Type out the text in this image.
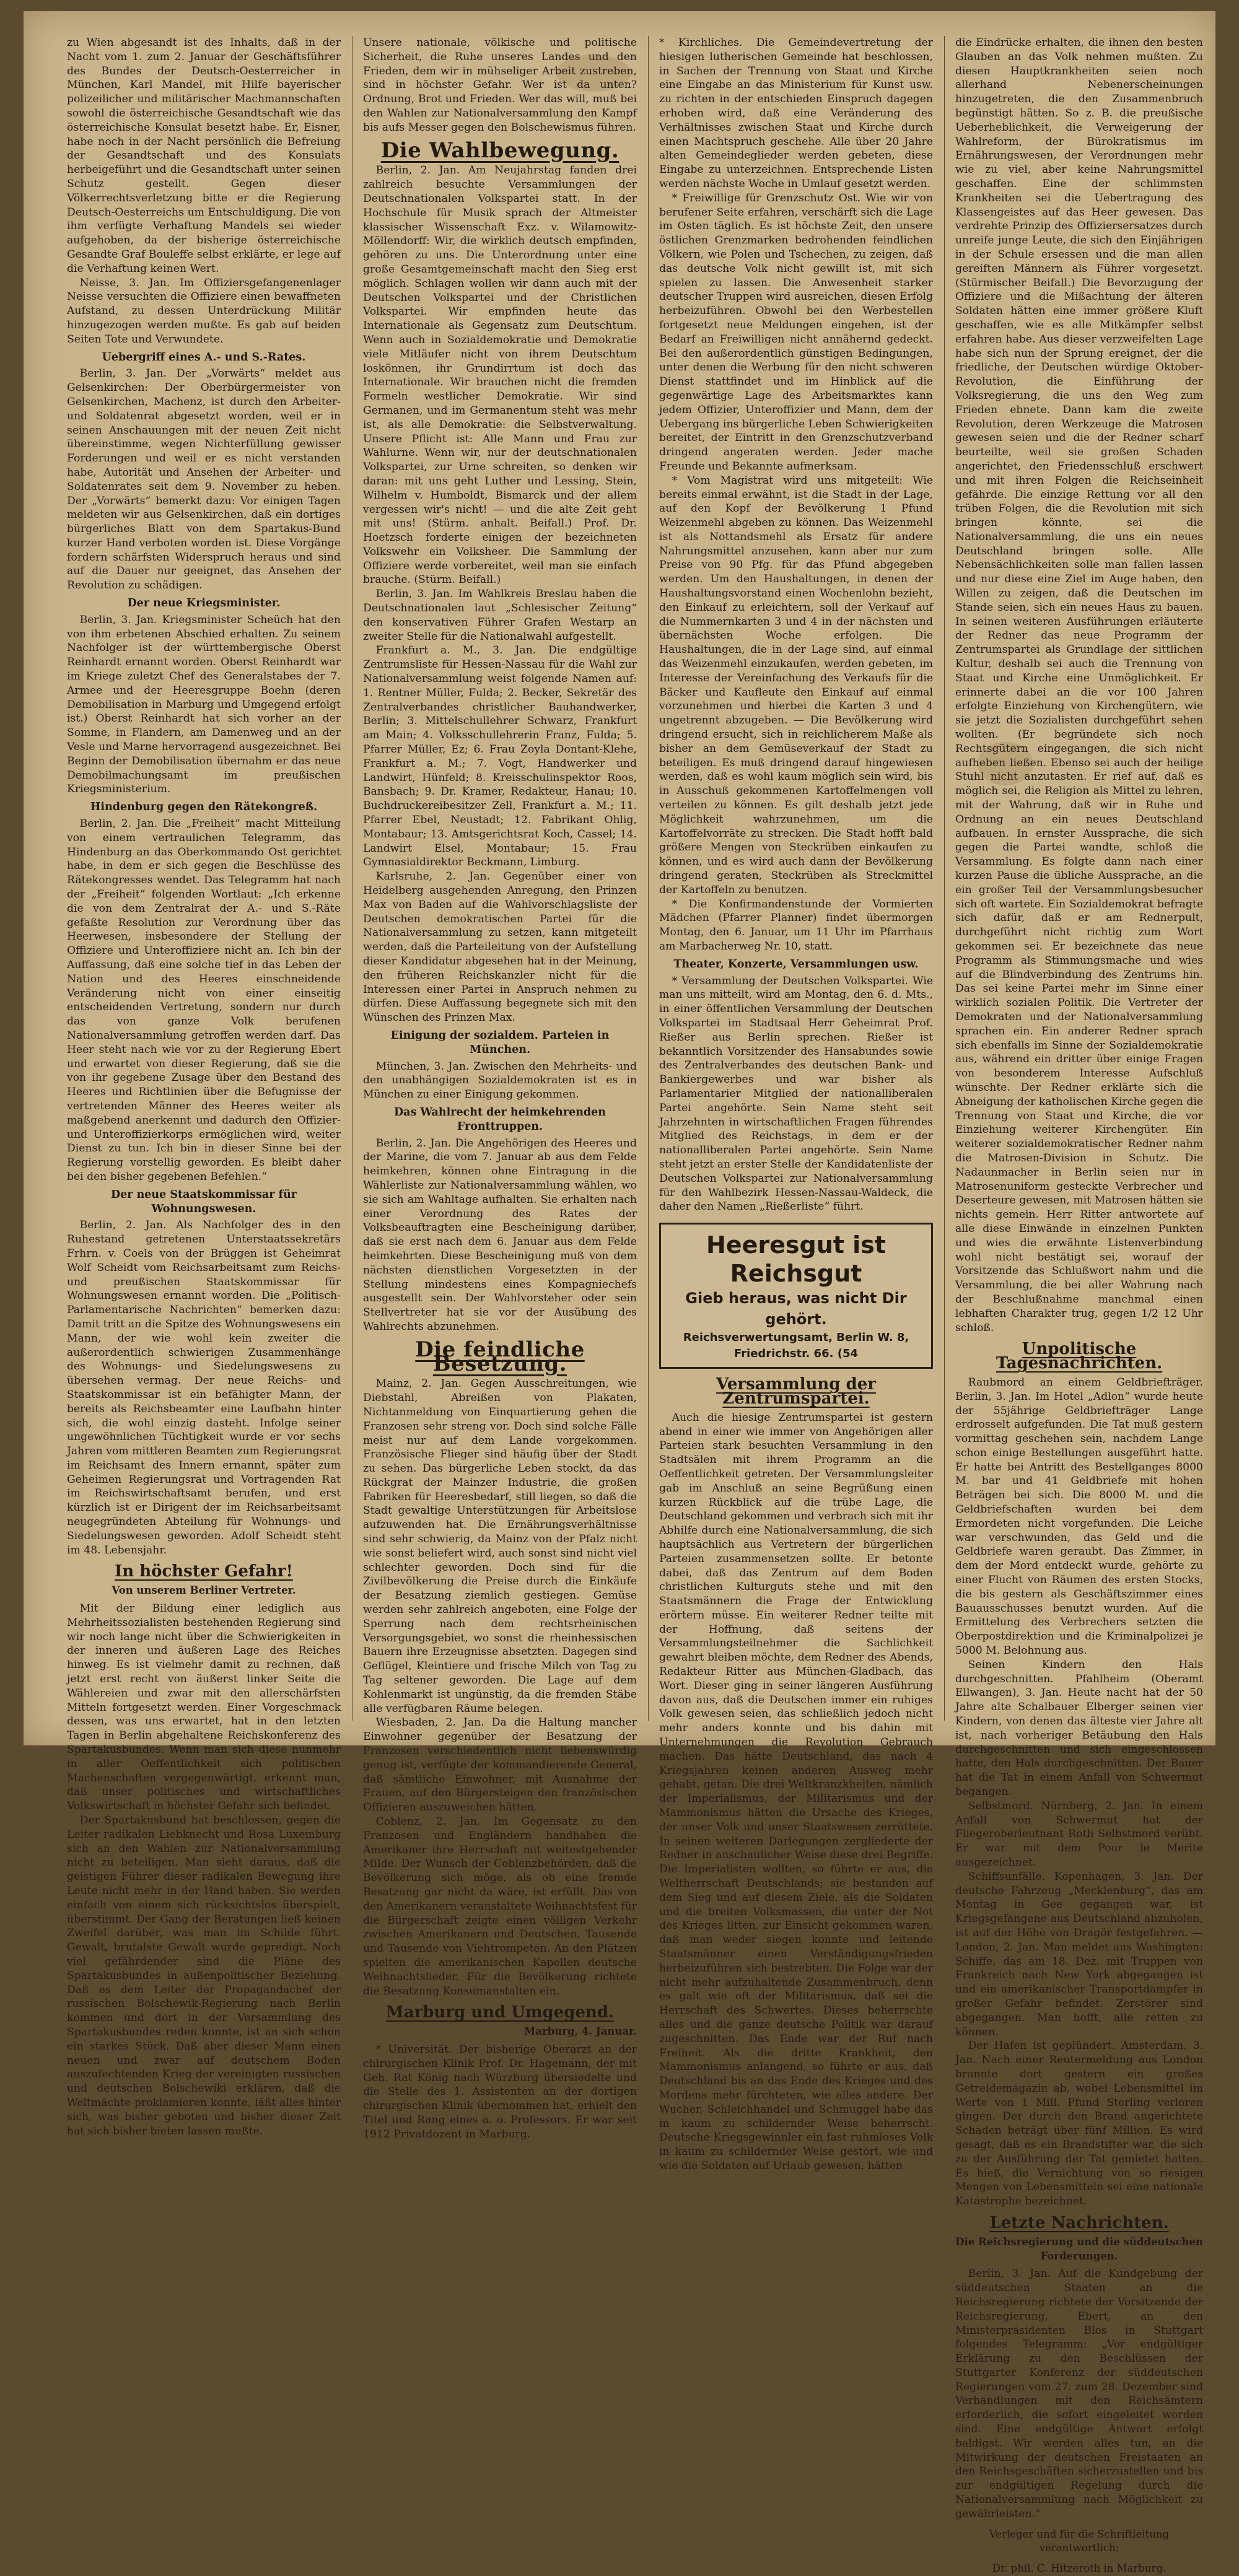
zu Wien abgesandt ist des Inhalts, daß in der Nacht vom 1. zum 2. Januar der Geschäftsführer des Bundes der Deutsch-Oesterreicher in München, Karl Mandel, mit Hilfe bayerischer polizeilicher und militärischer Machmannschaften sowohl die österreichische Gesandtschaft wie das österreichische Konsulat besetzt habe. Er, Eisner, habe noch in der Nacht persönlich die Befreiung der Gesandtschaft und des Konsulats herbeigeführt und die Gesandtschaft unter seinen Schutz gestellt. Gegen dieser Völkerrechtsverletzung bitte er die Regierung Deutsch-Oesterreichs um Entschuldigung. Die von ihm verfügte Verhaftung Mandels sei wieder aufgehoben, da der bisherige österreichische Gesandte Graf Bouleffe selbst erklärte, er lege auf die Verhaftung keinen Wert.

Neisse, 3. Jan. Im Offiziersgefangenenlager Neisse versuchten die Offiziere einen bewaffneten Aufstand, zu dessen Unterdrückung Militär hinzugezogen werden mußte. Es gab auf beiden Seiten Tote und Verwundete.

Uebergriff eines A.- und S.-Rates.

Berlin, 3. Jan. Der „Vorwärts“ meldet aus Gelsenkirchen: Der Oberbürgermeister von Gelsenkirchen, Machenz, ist durch den Arbeiter- und Soldatenrat abgesetzt worden, weil er in seinen Anschauungen mit der neuen Zeit nicht übereinstimme, wegen Nichterfüllung gewisser Forderungen und weil er es nicht verstanden habe, Autorität und Ansehen der Arbeiter- und Soldatenrates seit dem 9. November zu heben. Der „Vorwärts“ bemerkt dazu: Vor einigen Tagen meldeten wir aus Gelsenkirchen, daß ein dortiges bürgerliches Blatt von dem Spartakus-Bund kurzer Hand verboten worden ist. Diese Vorgänge fordern schärfsten Widerspruch heraus und sind auf die Dauer nur geeignet, das Ansehen der Revolution zu schädigen.

Der neue Kriegsminister.

Berlin, 3. Jan. Kriegsminister Scheüch hat den von ihm erbetenen Abschied erhalten. Zu seinem Nachfolger ist der württembergische Oberst Reinhardt ernannt worden. Oberst Reinhardt war im Kriege zuletzt Chef des Generalstabes der 7. Armee und der Heeresgruppe Boehn (deren Demobilisation in Marburg und Umgegend erfolgt ist.) Oberst Reinhardt hat sich vorher an der Somme, in Flandern, am Damenweg und an der Vesle und Marne hervorragend ausgezeichnet. Bei Beginn der Demobilisation übernahm er das neue Demobilmachungsamt im preußischen Kriegsministerium.

Hindenburg gegen den Rätekongreß.

Berlin, 2. Jan. Die „Freiheit“ macht Mitteilung von einem vertraulichen Telegramm, das Hindenburg an das Oberkommando Ost gerichtet habe, in dem er sich gegen die Beschlüsse des Rätekongresses wendet. Das Telegramm hat nach der „Freiheit“ folgenden Wortlaut: „Ich erkenne die von dem Zentralrat der A.- und S.-Räte gefaßte Resolution zur Verordnung über das Heerwesen, insbesondere der Stellung der Offiziere und Unteroffiziere nicht an. Ich bin der Auffassung, daß eine solche tief in das Leben der Nation und des Heeres einschneidende Veränderung nicht von einer einseitig entscheidenden Vertretung, sondern nur durch das von ganze Volk berufenen Nationalversammlung getroffen werden darf. Das Heer steht nach wie vor zu der Regierung Ebert und erwartet von dieser Regierung, daß sie die von ihr gegebene Zusage über den Bestand des Heeres und Richtlinien über die Befugnisse der vertretenden Männer des Heeres weiter als maßgebend anerkennt und dadurch den Offizier- und Unteroffizierkorps ermöglichen wird, weiter Dienst zu tun. Ich bin in dieser Sinne bei der Regierung vorstellig geworden. Es bleibt daher bei den bisher gegebenen Befehlen.“

Der neue Staatskommissar für Wohnungswesen.

Berlin, 2. Jan. Als Nachfolger des in den Ruhestand getretenen Unterstaatssekretärs Frhrn. v. Coels von der Brüggen ist Geheimrat Wolf Scheidt vom Reichsarbeitsamt zum Reichs- und preußischen Staatskommissar für Wohnungswesen ernannt worden. Die „Politisch-Parlamentarische Nachrichten“ bemerken dazu: Damit tritt an die Spitze des Wohnungswesens ein Mann, der wie wohl kein zweiter die außerordentlich schwierigen Zusammenhänge des Wohnungs- und Siedelungswesens zu übersehen vermag. Der neue Reichs- und Staatskommissar ist ein befähigter Mann, der bereits als Reichsbeamter eine Laufbahn hinter sich, die wohl einzig dasteht. Infolge seiner ungewöhnlichen Tüchtigkeit wurde er vor sechs Jahren vom mittleren Beamten zum Regierungsrat im Reichsamt des Innern ernannt, später zum Geheimen Regierungsrat und Vortragenden Rat im Reichswirtschaftsamt berufen, und erst kürzlich ist er Dirigent der im Reichsarbeitsamt neugegründeten Abteilung für Wohnungs- und Siedelungswesen geworden. Adolf Scheidt steht im 48. Lebensjahr.

In höchster Gefahr!
Von unserem Berliner Vertreter.

Mit der Bildung einer lediglich aus Mehrheitssozialisten bestehenden Regierung sind wir noch lange nicht über die Schwierigkeiten in der inneren und äußeren Lage des Reiches hinweg. Es ist vielmehr damit zu rechnen, daß jetzt erst recht von äußerst linker Seite die Wählereien und zwar mit den allerschärfsten Mitteln fortgesetzt werden. Einer Vorgeschmack dessen, was uns erwartet, hat in den letzten Tagen in Berlin abgehaltene Reichskonferenz des Spartakusbundes. Wenn man sich diese nunmehr in aller Oeffentlichkeit sich politischen Machenschaften vergegenwärtigt, erkennt man, daß unser politisches und wirtschaftliches Volkswirtschaft in höchster Gefahr sich befindet.

Der Spartakusbund hat beschlossen, gegen die Leiter radikalen Liebknecht und Rosa Luxemburg sich an den Wahlen zur Nationalversammlung nicht zu beteiligen. Man sieht daraus, daß die geistigen Führer dieser radikalen Bewegung ihre Leute nicht mehr in der Hand haben. Sie werden einfach von einem sich rücksichtslos überspielt, überstimmt. Der Gang der Beratungen ließ keinen Zweifel darüber, was man im Schilde führt. Gewalt, brutalste Gewalt wurde gepredigt. Noch viel gefährdender sind die Pläne des Spartakusbundes in außenpolitischer Beziehung. Daß es dem Leiter der Propagandachef der russischen Bolschewik-Regierung nach Berlin kommen und dort in der Versammlung des Spartakusbundes reden konnte, ist an sich schon ein starkes Stück. Daß aber dieser Mann einen neuen und zwar auf deutschem Boden auszufechtenden Krieg der vereinigten russischen und deutschen Bolschewiki erklären, daß die Weltmächte proklamieren konnte, läßt alles hinter sich, was bisher geboten und bisher dieser Zeit hat sich bisher bieten lassen mußte.

Unsere nationale, völkische und politische Sicherheit, die Ruhe unseres Landes und den Frieden, dem wir in mühseliger Arbeit zustreben, sind in höchster Gefahr. Wer ist da unten? Ordnung, Brot und Frieden. Wer das will, muß bei den Wahlen zur Nationalversammlung den Kampf bis aufs Messer gegen den Bolschewismus führen.

Die Wahlbewegung.

Berlin, 2. Jan. Am Neujahrstag fanden drei zahlreich besuchte Versammlungen der Deutschnationalen Volkspartei statt. In der Hochschule für Musik sprach der Altmeister klassischer Wissenschaft Exz. v. Wilamowitz-Möllendorff: Wir, die wirklich deutsch empfinden, gehören zu uns. Die Unterordnung unter eine große Gesamtgemeinschaft macht den Sieg erst möglich. Schlagen wollen wir dann auch mit der Deutschen Volkspartei und der Christlichen Volkspartei. Wir empfinden heute das Internationale als Gegensatz zum Deutschtum. Wenn auch in Sozialdemokratie und Demokratie viele Mitläufer nicht von ihrem Deutschtum loskönnen, ihr Grundirrtum ist doch das Internationale. Wir brauchen nicht die fremden Formeln westlicher Demokratie. Wir sind Germanen, und im Germanentum steht was mehr ist, als alle Demokratie: die Selbstverwaltung. Unsere Pflicht ist: Alle Mann und Frau zur Wahlurne. Wenn wir, nur der deutschnationalen Volkspartei, zur Urne schreiten, so denken wir daran: mit uns geht Luther und Lessing, Stein, Wilhelm v. Humboldt, Bismarck und der allem vergessen wir's nicht! — und die alte Zeit geht mit uns! (Stürm. anhalt. Beifall.) Prof. Dr. Hoetzsch forderte einigen der bezeichneten Volkswehr ein Volksheer. Die Sammlung der Offiziere werde vorbereitet, weil man sie einfach brauche. (Stürm. Beifall.)

Berlin, 3. Jan. Im Wahlkreis Breslau haben die Deutschnationalen laut „Schlesischer Zeitung“ den konservativen Führer Grafen Westarp an zweiter Stelle für die Nationalwahl aufgestellt.

Frankfurt a. M., 3. Jan. Die endgültige Zentrumsliste für Hessen-Nassau für die Wahl zur Nationalversammlung weist folgende Namen auf: 1. Rentner Müller, Fulda; 2. Becker, Sekretär des Zentralverbandes christlicher Bauhandwerker, Berlin; 3. Mittelschullehrer Schwarz, Frankfurt am Main; 4. Volksschullehrerin Franz, Fulda; 5. Pfarrer Müller, Ez; 6. Frau Zoyla Dontant-Klehe, Frankfurt a. M.; 7. Vogt, Handwerker und Landwirt, Hünfeld; 8. Kreisschulinspektor Roos, Bansbach; 9. Dr. Kramer, Redakteur, Hanau; 10. Buchdruckereibesitzer Zell, Frankfurt a. M.; 11. Pfarrer Ebel, Neustadt; 12. Fabrikant Ohlig, Montabaur; 13. Amtsgerichtsrat Koch, Cassel; 14. Landwirt Elsel, Montabaur; 15. Frau Gymnasialdirektor Beckmann, Limburg.

Karlsruhe, 2. Jan. Gegenüber einer von Heidelberg ausgehenden Anregung, den Prinzen Max von Baden auf die Wahlvorschlagsliste der Deutschen demokratischen Partei für die Nationalversammlung zu setzen, kann mitgeteilt werden, daß die Parteileitung von der Aufstellung dieser Kandidatur abgesehen hat in der Meinung, den früheren Reichskanzler nicht für die Interessen einer Partei in Anspruch nehmen zu dürfen. Diese Auffassung begegnete sich mit den Wünschen des Prinzen Max.

Einigung der sozialdem. Parteien in München.

München, 3. Jan. Zwischen den Mehrheits- und den unabhängigen Sozialdemokraten ist es in München zu einer Einigung gekommen.

Das Wahlrecht der heimkehrenden Fronttruppen.

Berlin, 2. Jan. Die Angehörigen des Heeres und der Marine, die vom 7. Januar ab aus dem Felde heimkehren, können ohne Eintragung in die Wählerliste zur Nationalversammlung wählen, wo sie sich am Wahltage aufhalten. Sie erhalten nach einer Verordnung des Rates der Volksbeauftragten eine Bescheinigung darüber, daß sie erst nach dem 6. Januar aus dem Felde heimkehrten. Diese Bescheinigung muß von dem nächsten dienstlichen Vorgesetzten in der Stellung mindestens eines Kompagniechefs ausgestellt sein. Der Wahlvorsteher oder sein Stellvertreter hat sie vor der Ausübung des Wahlrechts abzunehmen.

Die feindliche Besetzung.

Mainz, 2. Jan. Gegen Ausschreitungen, wie Diebstahl, Abreißen von Plakaten, Nichtanmeldung von Einquartierung gehen die Franzosen sehr streng vor. Doch sind solche Fälle meist nur auf dem Lande vorgekommen. Französische Flieger sind häufig über der Stadt zu sehen. Das bürgerliche Leben stockt, da das Rückgrat der Mainzer Industrie, die großen Fabriken für Heeresbedarf, still liegen, so daß die Stadt gewaltige Unterstützungen für Arbeitslose aufzuwenden hat. Die Ernährungsverhältnisse sind sehr schwierig, da Mainz von der Pfalz nicht wie sonst beliefert wird, auch sonst sind nicht viel schlechter geworden. Doch sind für die Zivilbevölkerung die Preise durch die Einkäufe der Besatzung ziemlich gestiegen. Gemüse werden sehr zahlreich angeboten, eine Folge der Sperrung nach dem rechtsrheinischen Versorgungsgebiet, wo sonst die rheinhessischen Bauern ihre Erzeugnisse absetzten. Dagegen sind Geflügel, Kleintiere und frische Milch von Tag zu Tag seltener geworden. Die Lage auf dem Kohlenmarkt ist ungünstig, da die fremden Stäbe alle verfügbaren Räume belegen.

Wiesbaden, 2. Jan. Da die Haltung mancher Einwohner gegenüber der Besatzung der Franzosen verschiedentlich nicht liebenswürdig genug ist, verfügte der kommandierende General, daß sämtliche Einwohner, mit Ausnahme der Frauen, auf den Bürgersteigen den französischen Offizieren auszuweichen hätten.

Coblenz, 2. Jan. Im Gegensatz zu den Franzosen und Engländern handhaben die Amerikaner ihre Herrschaft mit weitestgehender Milde. Der Wunsch der Coblenzbehörden, daß die Bevölkerung sich möge, als ob eine fremde Besatzung gar nicht da wäre, ist erfüllt. Das von den Amerikanern veranstaltete Weihnachtsfest für die Bürgerschaft zeigte einen völligen Verkehr zwischen Amerikanern und Deutschen. Tausende und Tausende von Viehtrompeten. An den Plätzen spielten die amerikanischen Kapellen deutsche Weihnachtslieder. Für die Bevölkerung richtete die Besatzung Konsumanstalten ein.

Marburg und Umgegend.
Marburg, 4. Januar.

* Universität. Der bisherige Oberarzt an der chirurgischen Klinik Prof. Dr. Hagemann, der mit Geh. Rat König nach Würzburg übersiedelte und die Stelle des 1. Assistenten an der dortigen chirurgischen Klinik übernommen hat, erhielt den Titel und Rang eines a. o. Professors. Er war seit 1912 Privatdozent in Marburg.

* Kirchliches. Die Gemeindevertretung der hiesigen lutherischen Gemeinde hat beschlossen, in Sachen der Trennung von Staat und Kirche eine Eingabe an das Ministerium für Kunst usw. zu richten in der entschieden Einspruch dagegen erhoben wird, daß eine Veränderung des Verhältnisses zwischen Staat und Kirche durch einen Machtspruch geschehe. Alle über 20 Jahre alten Gemeindeglieder werden gebeten, diese Eingabe zu unterzeichnen. Entsprechende Listen werden nächste Woche in Umlauf gesetzt werden.

* Freiwillige für Grenzschutz Ost. Wie wir von berufener Seite erfahren, verschärft sich die Lage im Osten täglich. Es ist höchste Zeit, den unsere östlichen Grenzmarken bedrohenden feindlichen Völkern, wie Polen und Tschechen, zu zeigen, daß das deutsche Volk nicht gewillt ist, mit sich spielen zu lassen. Die Anwesenheit starker deutscher Truppen wird ausreichen, diesen Erfolg herbeizuführen. Obwohl bei den Werbestellen fortgesetzt neue Meldungen eingehen, ist der Bedarf an Freiwilligen nicht annähernd gedeckt. Bei den außerordentlich günstigen Bedingungen, unter denen die Werbung für den nicht schweren Dienst stattfindet und im Hinblick auf die gegenwärtige Lage des Arbeitsmarktes kann jedem Offizier, Unteroffizier und Mann, dem der Uebergang ins bürgerliche Leben Schwierigkeiten bereitet, der Eintritt in den Grenzschutzverband dringend angeraten werden. Jeder mache Freunde und Bekannte aufmerksam.

* Vom Magistrat wird uns mitgeteilt: Wie bereits einmal erwähnt, ist die Stadt in der Lage, auf den Kopf der Bevölkerung 1 Pfund Weizenmehl abgeben zu können. Das Weizenmehl ist als Nottandsmehl als Ersatz für andere Nahrungsmittel anzusehen, kann aber nur zum Preise von 90 Pfg. für das Pfund abgegeben werden. Um den Haushaltungen, in denen der Haushaltungsvorstand einen Wochenlohn bezieht, den Einkauf zu erleichtern, soll der Verkauf auf die Nummernkarten 3 und 4 in der nächsten und übernächsten Woche erfolgen. Die Haushaltungen, die in der Lage sind, auf einmal das Weizenmehl einzukaufen, werden gebeten, im Interesse der Vereinfachung des Verkaufs für die Bäcker und Kaufleute den Einkauf auf einmal vorzunehmen und hierbei die Karten 3 und 4 ungetrennt abzugeben. — Die Bevölkerung wird dringend ersucht, sich in reichlicherem Maße als bisher an dem Gemüseverkauf der Stadt zu beteiligen. Es muß dringend darauf hingewiesen werden, daß es wohl kaum möglich sein wird, bis in Ausschuß gekommenen Kartoffelmengen voll verteilen zu können. Es gilt deshalb jetzt jede Möglichkeit wahrzunehmen, um die Kartoffelvorräte zu strecken. Die Stadt hofft bald größere Mengen von Steckrüben einkaufen zu können, und es wird auch dann der Bevölkerung dringend geraten, Steckrüben als Streckmittel der Kartoffeln zu benutzen.

* Die Konfirmandenstunde der Vormierten Mädchen (Pfarrer Planner) findet übermorgen Montag, den 6. Januar, um 11 Uhr im Pfarrhaus am Marbacherweg Nr. 10, statt.

Theater, Konzerte, Versammlungen usw.

* Versammlung der Deutschen Volkspartei. Wie man uns mitteilt, wird am Montag, den 6. d. Mts., in einer öffentlichen Versammlung der Deutschen Volkspartei im Stadtsaal Herr Geheimrat Prof. Rießer aus Berlin sprechen. Rießer ist bekanntlich Vorsitzender des Hansabundes sowie des Zentralverbandes des deutschen Bank- und Bankiergewerbes und war bisher als Parlamentarier Mitglied der nationalliberalen Partei angehörte. Sein Name steht seit Jahrzehnten in wirtschaftlichen Fragen führendes Mitglied des Reichstags, in dem er der nationalliberalen Partei angehörte. Sein Name steht jetzt an erster Stelle der Kandidatenliste der Deutschen Volkspartei zur Nationalversammlung für den Wahlbezirk Hessen-Nassau-Waldeck, die daher den Namen „Rießerliste“ führt.

Heeresgut ist Reichsgut
Gieb heraus, was nicht Dir gehört.
Reichsverwertungsamt, Berlin W. 8, Friedrichstr. 66. (54
Versammlung der Zentrumspartei.

Auch die hiesige Zentrumspartei ist gestern abend in einer wie immer von Angehörigen aller Parteien stark besuchten Versammlung in den Stadtsälen mit ihrem Programm an die Oeffentlichkeit getreten. Der Versammlungsleiter gab im Anschluß an seine Begrüßung einen kurzen Rückblick auf die trübe Lage, die Deutschland gekommen und verbrach sich mit ihr Abhilfe durch eine Nationalversammlung, die sich hauptsächlich aus Vertretern der bürgerlichen Parteien zusammensetzen sollte. Er betonte dabei, daß das Zentrum auf dem Boden christlichen Kulturguts stehe und mit den Staatsmännern die Frage der Entwicklung erörtern müsse. Ein weiterer Redner teilte mit der Hoffnung, daß seitens der Versammlungsteilnehmer die Sachlichkeit gewahrt bleiben möchte, dem Redner des Abends, Redakteur Ritter aus München-Gladbach, das Wort. Dieser ging in seiner längeren Ausführung davon aus, daß die Deutschen immer ein ruhiges Volk gewesen seien, das schließlich jedoch nicht mehr anders konnte und bis dahin mit Unternehmungen die Revolution Gebrauch machen. Das hätte Deutschland, das nach 4 Kriegsjahren keinen anderen Ausweg mehr gehabt, getan. Die drei Weltkranzkheiten, nämlich der Imperialismus, der Militarismus und der Mammonismus hätten die Ursache des Krieges, der unser Volk und unser Staatswesen zerrüttete. In seinen weiteren Darlegungen zergliederte der Redner in anschaulicher Weise diese drei Begriffe. Die Imperialisten wollten, so führte er aus, die Weltherrschaft Deutschlands; sie bestanden auf dem Sieg und auf diesem Ziele, als die Soldaten und die breiten Volksmassen, die unter der Not des Krieges litten, zur Einsicht gekommen waren, daß man weder siegen konnte und leitende Staatsmänner einen Verständigungsfrieden herbeizuführen sich bestrebten. Die Folge war der nicht mehr aufzuhaltende Zusammenbruch, denn es galt wie oft der Militarismus, daß sei die Herrschaft des Schwertes. Dieses beherrschte alles und die ganze deutsche Politik war darauf zugeschnitten. Das Ende war der Ruf nach Freiheit. Als die dritte Krankheit, den Mammonismus anlangend, so führte er aus, daß Deutschland bis an das Ende des Krieges und des Mordens mehr fürchteten, wie alles andere. Der Wucher, Schleichhandel und Schmuggel habe das in kaum zu schildernder Weise beherrscht. Deutsche Kriegsgewinnler ein fast ruhmloses Volk in kaum zu schildernder Weise gestört, wie und wie die Soldaten auf Urlaub gewesen, hätten

die Eindrücke erhalten, die ihnen den besten Glauben an das Volk nehmen mußten. Zu diesen Hauptkrankheiten seien noch allerhand Nebenerscheinungen hinzugetreten, die den Zusammenbruch begünstigt hätten. So z. B. die preußische Ueberheblichkeit, die Verweigerung der Wahlreform, der Bürokratismus im Ernährungswesen, der Verordnungen mehr wie zu viel, aber keine Nahrungsmittel geschaffen. Eine der schlimmsten Krankheiten sei die Uebertragung des Klassengeistes auf das Heer gewesen. Das verdrehte Prinzip des Offiziersersatzes durch unreife junge Leute, die sich den Einjährigen in der Schule ersessen und die man allen gereiften Männern als Führer vorgesetzt. (Stürmischer Beifall.) Die Bevorzugung der Offiziere und die Mißachtung der älteren Soldaten hätten eine immer größere Kluft geschaffen, wie es alle Mitkämpfer selbst erfahren habe. Aus dieser verzweifelten Lage habe sich nun der Sprung ereignet, der die friedliche, der Deutschen würdige Oktober-Revolution, die Einführung der Volksregierung, die uns den Weg zum Frieden ebnete. Dann kam die zweite Revolution, deren Werkzeuge die Matrosen gewesen seien und die der Redner scharf beurteilte, weil sie großen Schaden angerichtet, den Friedensschluß erschwert und mit ihren Folgen die Reichseinheit gefährde. Die einzige Rettung vor all den trüben Folgen, die die Revolution mit sich bringen könnte, sei die Nationalversammlung, die uns ein neues Deutschland bringen solle. Alle Nebensächlichkeiten solle man fallen lassen und nur diese eine Ziel im Auge haben, den Willen zu zeigen, daß die Deutschen im Stande seien, sich ein neues Haus zu bauen. In seinen weiteren Ausführungen erläuterte der Redner das neue Programm der Zentrumspartei als Grundlage der sittlichen Kultur, deshalb sei auch die Trennung von Staat und Kirche eine Unmöglichkeit. Er erinnerte dabei an die vor 100 Jahren erfolgte Einziehung von Kirchengütern, wie sie jetzt die Sozialisten durchgeführt sehen wollten. (Er begründete sich noch Rechtsgütern eingegangen, die sich nicht aufheben ließen. Ebenso sei auch der heilige Stuhl nicht anzutasten. Er rief auf, daß es möglich sei, die Religion als Mittel zu lehren, mit der Wahrung, daß wir in Ruhe und Ordnung an ein neues Deutschland aufbauen. In ernster Aussprache, die sich gegen die Partei wandte, schloß die Versammlung. Es folgte dann nach einer kurzen Pause die übliche Aussprache, an die ein großer Teil der Versammlungsbesucher sich oft wartete. Ein Sozialdemokrat befragte sich dafür, daß er am Rednerpult, durchgeführt nicht richtig zum Wort gekommen sei. Er bezeichnete das neue Programm als Stimmungsmache und wies auf die Blindverbindung des Zentrums hin. Das sei keine Partei mehr im Sinne einer wirklich sozialen Politik. Die Vertreter der Demokraten und der Nationalversammlung sprachen ein. Ein anderer Redner sprach sich ebenfalls im Sinne der Sozialdemokratie aus, während ein dritter über einige Fragen von besonderem Interesse Aufschluß wünschte. Der Redner erklärte sich die Abneigung der katholischen Kirche gegen die Trennung von Staat und Kirche, die vor Einziehung weiterer Kirchengüter. Ein weiterer sozialdemokratischer Redner nahm die Matrosen-Division in Schutz. Die Nadaunmacher in Berlin seien nur in Matrosenuniform gesteckte Verbrecher und Deserteure gewesen, mit Matrosen hätten sie nichts gemein. Herr Ritter antwortete auf alle diese Einwände in einzelnen Punkten und wies die erwähnte Listenverbindung wohl nicht bestätigt sei, worauf der Vorsitzende das Schlußwort nahm und die Versammlung, die bei aller Wahrung nach der Beschlußnahme manchmal einen lebhaften Charakter trug, gegen 1/2 12 Uhr schloß.

Unpolitische Tagesnachrichten.

Raubmord an einem Geldbriefträger. Berlin, 3. Jan. Im Hotel „Adlon“ wurde heute der 55jährige Geldbriefträger Lange erdrosselt aufgefunden. Die Tat muß gestern vormittag geschehen sein, nachdem Lange schon einige Bestellungen ausgeführt hatte. Er hatte bei Antritt des Bestellganges 8000 M. bar und 41 Geldbriefe mit hohen Beträgen bei sich. Die 8000 M. und die Geldbriefschaften wurden bei dem Ermordeten nicht vorgefunden. Die Leiche war verschwunden, das Geld und die Geldbriefe waren geraubt. Das Zimmer, in dem der Mord entdeckt wurde, gehörte zu einer Flucht von Räumen des ersten Stocks, die bis gestern als Geschäftszimmer eines Bauausschusses benutzt wurden. Auf die Ermittelung des Verbrechers setzten die Oberpostdirektion und die Kriminalpolizei je 5000 M. Belohnung aus.

Seinen Kindern den Hals durchgeschnitten. Pfahlheim (Oberamt Ellwangen), 3. Jan. Heute nacht hat der 50 Jahre alte Schalbauer Elberger seinen vier Kindern, von denen das älteste vier Jahre alt ist, nach vorheriger Betäubung den Hals durchgeschnitten und sich eingeschlossen hatte, den Hals durchgeschnitten. Der Bauer hat die Tat in einem Anfall von Schwermut begangen.

Selbstmord. Nürnberg, 2. Jan. In einem Anfall von Schwermut hat der Fliegeroberleutnant Roth Selbstmord verübt. Er war mit dem Pour le Merite ausgezeichnet.

Schiffsunfälle. Kopenhagen, 3. Jan. Der deutsche Fahrzeug „Mecklenburg“, das am Montag in Gee gegangen war, ist Kriegsgefangene aus Deutschland abzuholen, ist auf der Höhe von Dragör festgefahren. — London, 2. Jan. Man meldet aus Washington: Schiffe, das am 18. Dez. mit Truppen von Frankreich nach New York abgegangen ist und ein amerikanischer Transportdampfer in großer Gefahr befindet. Zerstörer sind abgegangen. Man hofft, alle retten zu können.

Der Hafen ist geplündert. Amsterdam, 3. Jan. Nach einer Reutermeldung aus London brannte dort gestern ein großes Getreidemagazin ab, wobei Lebensmittel im Werte von 1 Mill. Pfund Sterling verloren gingen. Der durch den Brand angerichtete Schaden beträgt über fünf Million. Es wird gesagt, daß es ein Brandstifter war, die sich zu der Ausführung der Tat gemietet hatten. Es hieß, die Vernichtung von so riesigen Mengen von Lebensmitteln sei eine nationale Katastrophe bezeichnet.

Letzte Nachrichten.
Die Reichsregierung und die süddeutschen Forderungen.

Berlin, 3. Jan. Auf die Kundgebung der süddeutschen Staaten an die Reichsregierung richtete der Vorsitzende der Reichsregierung, Ebert, an den Ministerpräsidenten Blos in Stuttgart folgendes Telegramm: „Vor endgültiger Erklärung zu den Beschlüssen der Stuttgarter Konferenz der süddeutschen Regierungen vom 27. zum 28. Dezember sind Verhandlungen mit den Reichsämtern erforderlich, die sofort eingeleitet worden sind. Eine endgültige Antwort erfolgt baldigst. Wir werden alles tun, an die Mitwirkung der deutschen Freistaaten an den Reichsgeschäften sicherzustellen und bis zur endgültigen Regelung durch die Nationalversammlung nach Möglichkeit zu gewährleisten.“

Verleger und für die Schriftleitung verantwortlich:
Dr. phil. C. Hitzeroth in Marburg.
